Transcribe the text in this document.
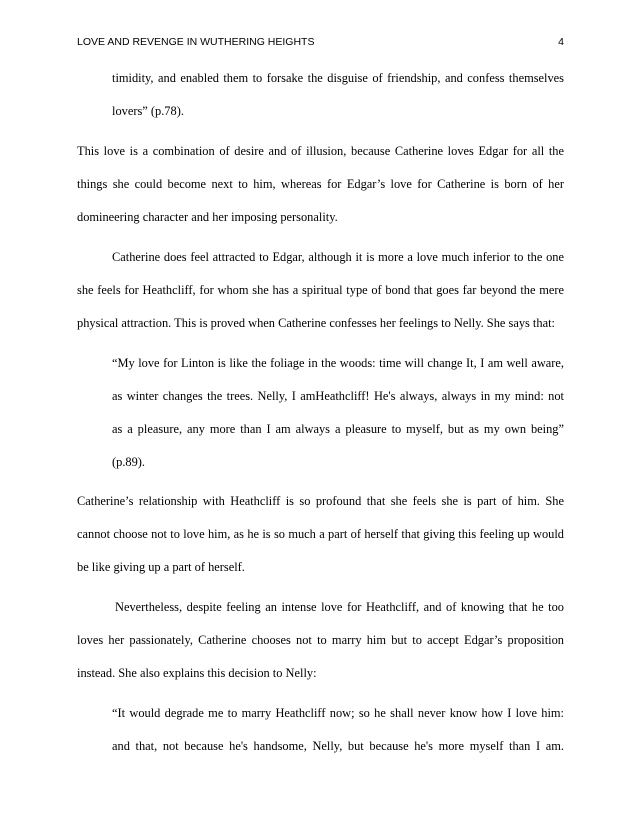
LOVE AND REVENGE IN WUTHERING HEIGHTS	4
timidity, and enabled them to forsake the disguise of friendship, and confess themselves
lovers” (p.78).
This love is a combination of desire and of illusion, because Catherine loves Edgar for all the
things she could become next to him, whereas for Edgar’s love for Catherine is born of her
domineering character and her imposing personality.
Catherine does feel attracted to Edgar, although it is more a love much inferior to the one
she feels for Heathcliff, for whom she has a spiritual type of bond that goes far beyond the mere
physical attraction. This is proved when Catherine confesses her feelings to Nelly. She says that:
“My love for Linton is like the foliage in the woods: time will change It, I am well aware,
as winter changes the trees. Nelly, I amHeathcliff! He's always, always in my mind: not
as a pleasure, any more than I am always a pleasure to myself, but as my own being”
(p.89).
Catherine’s relationship with Heathcliff is so profound that she feels she is part of him. She
cannot choose not to love him, as he is so much a part of herself that giving this feeling up would
be like giving up a part of herself.
Nevertheless, despite feeling an intense love for Heathcliff, and of knowing that he too
loves her passionately, Catherine chooses not to marry him but to accept Edgar’s proposition
instead. She also explains this decision to Nelly:
“It would degrade me to marry Heathcliff now; so he shall never know how I love him:
and that, not because he's handsome, Nelly, but because he's more myself than I am.
